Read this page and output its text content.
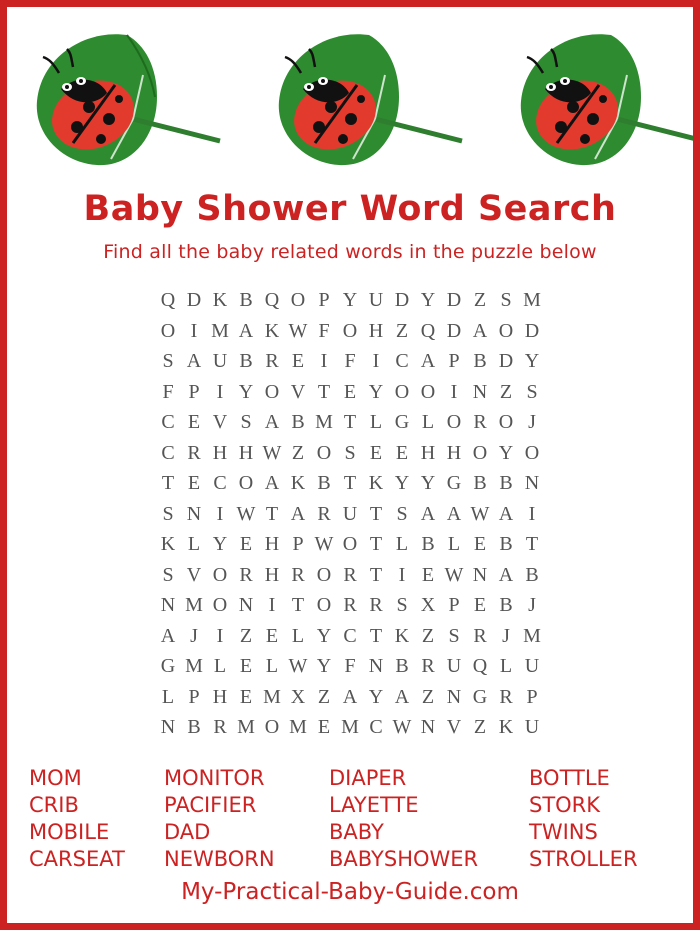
Baby Shower Word Search

Find all the baby related words in the puzzle below

Q D K B Q O P Y U D Y D Z S M
O I M A K W F O H Z Q D A O D
S A U B R E I F I C A P B D Y
F P I Y O V T E Y O O I N Z S
C E V S A B M T L G L O R O J
C R H H W Z O S E E H H O Y O
T E C O A K B T K Y Y G B B N
S N I W T A R U T S A A W A I
K L Y E H P W O T L B L E B T
S V O R H R O R T I E W N A B
N M O N I T O R R S X P E B J
A J I Z E L Y C T K Z S R J M
G M L E L W Y F N B R U Q L U
L P H E M X Z A Y A Z N G R P
N B R M O M E M C W N V Z K U
MOM
CRIB
MOBILE
CARSEAT
MONITOR
PACIFIER
DAD
NEWBORN
DIAPER
LAYETTE
BABY
BABYSHOWER
BOTTLE
STORK
TWINS
STROLLER
My-Practical-Baby-Guide.com
